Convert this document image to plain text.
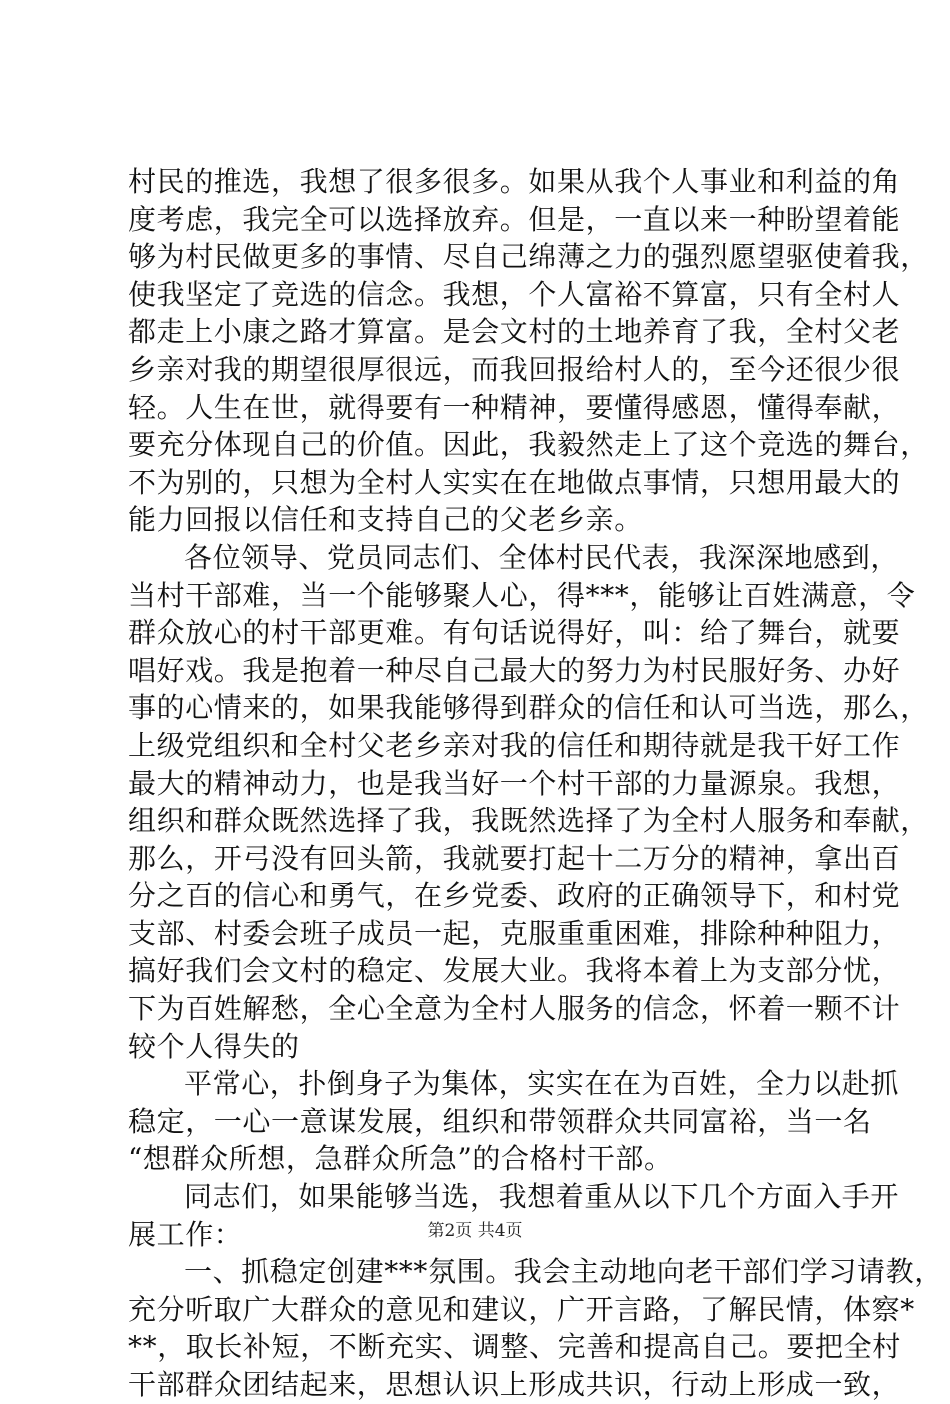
村民的推选，我想了很多很多。如果从我个人事业和利益的角
度考虑，我完全可以选择放弃。但是，一直以来一种盼望着能
够为村民做更多的事情、尽自己绵薄之力的强烈愿望驱使着我，
使我坚定了竞选的信念。我想，个人富裕不算富，只有全村人
都走上小康之路才算富。是会文村的土地养育了我，全村父老
乡亲对我的期望很厚很远，而我回报给村人的，至今还很少很
轻。人生在世，就得要有一种精神，要懂得感恩，懂得奉献，
要充分体现自己的价值。因此，我毅然走上了这个竞选的舞台，
不为别的，只想为全村人实实在在地做点事情，只想用最大的
能力回报以信任和支持自己的父老乡亲。
各位领导、党员同志们、全体村民代表，我深深地感到，
当村干部难，当一个能够聚人心，得***，能够让百姓满意，令
群众放心的村干部更难。有句话说得好，叫：给了舞台，就要
唱好戏。我是抱着一种尽自己最大的努力为村民服好务、办好
事的心情来的，如果我能够得到群众的信任和认可当选，那么，
上级党组织和全村父老乡亲对我的信任和期待就是我干好工作
最大的精神动力，也是我当好一个村干部的力量源泉。我想，
组织和群众既然选择了我，我既然选择了为全村人服务和奉献，
那么，开弓没有回头箭，我就要打起十二万分的精神，拿出百
分之百的信心和勇气，在乡党委、政府的正确领导下，和村党
支部、村委会班子成员一起，克服重重困难，排除种种阻力，
搞好我们会文村的稳定、发展大业。我将本着上为支部分忧，
下为百姓解愁，全心全意为全村人服务的信念，怀着一颗不计
较个人得失的
平常心，扑倒身子为集体，实实在在为百姓，全力以赴抓
稳定，一心一意谋发展，组织和带领群众共同富裕，当一名
“想群众所想，急群众所急”的合格村干部。
同志们，如果能够当选，我想着重从以下几个方面入手开
展工作：
一、抓稳定创建***氛围。我会主动地向老干部们学习请教，
充分听取广大群众的意见和建议，广开言路，了解民情，体察*
**，取长补短，不断充实、调整、完善和提高自己。要把全村
干部群众团结起来，思想认识上形成共识，行动上形成一致，
第2页 共4页
